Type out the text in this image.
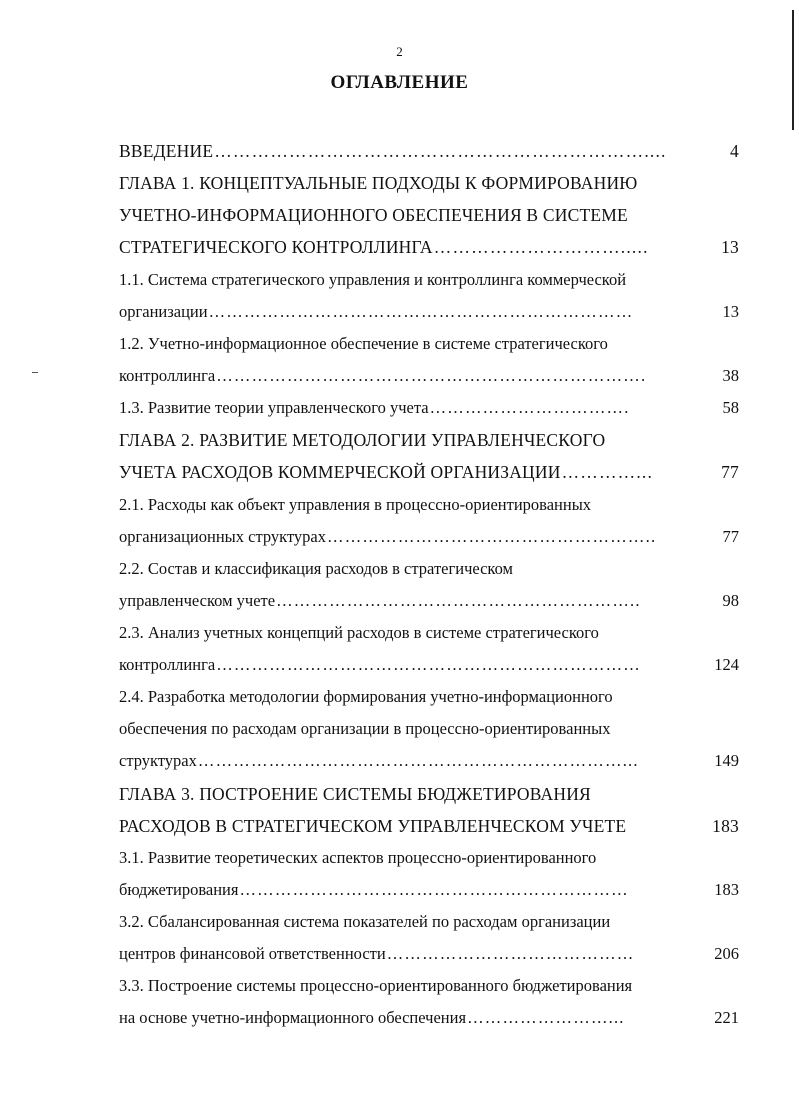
2
ОГЛАВЛЕНИЕ
ВВЕДЕНИЕ ……………………………………………………………....	4
ГЛАВА 1. КОНЦЕПТУАЛЬНЫЕ ПОДХОДЫ К ФОРМИРОВАНИЮ
УЧЕТНО-ИНФОРМАЦИОННОГО ОБЕСПЕЧЕНИЯ В СИСТЕМЕ
СТРАТЕГИЧЕСКОГО КОНТРОЛЛИНГА ………………………….....	13
1.1. Система стратегического управления и контроллинга коммерческой
организации ………………………………………………………………	13
1.2. Учетно-информационное обеспечение в системе стратегического
контроллинга ……………………………………………………………….	38
1.3. Развитие теории управленческого учета …………………………….	58
ГЛАВА 2. РАЗВИТИЕ МЕТОДОЛОГИИ УПРАВЛЕНЧЕСКОГО
УЧЕТА РАСХОДОВ КОММЕРЧЕСКОЙ ОРГАНИЗАЦИИ …………...	77
2.1. Расходы как объект управления в процессно-ориентированных
организационных структурах ………………………………………………..	77
2.2. Состав и классификация расходов в стратегическом
управленческом учете ……………………………………………………..	98
2.3. Анализ учетных концепций расходов в системе стратегического
контроллинга ………………………………………………………………	124
2.4. Разработка методологии формирования учетно-информационного
обеспечения по расходам организации в процессно-ориентированных
структурах ………………………………………………………………...	149
ГЛАВА 3. ПОСТРОЕНИЕ СИСТЕМЫ БЮДЖЕТИРОВАНИЯ
РАСХОДОВ В СТРАТЕГИЧЕСКОМ УПРАВЛЕНЧЕСКОМ УЧЕТЕ	183
3.1. Развитие теоретических аспектов процессно-ориентированного
бюджетирования …………………………………………………………	183
3.2. Сбалансированная система показателей по расходам организации
центров финансовой ответственности ……………………………………	206
3.3. Построение системы процессно-ориентированного бюджетирования
на основе учетно-информационного обеспечения ……………………...	221
